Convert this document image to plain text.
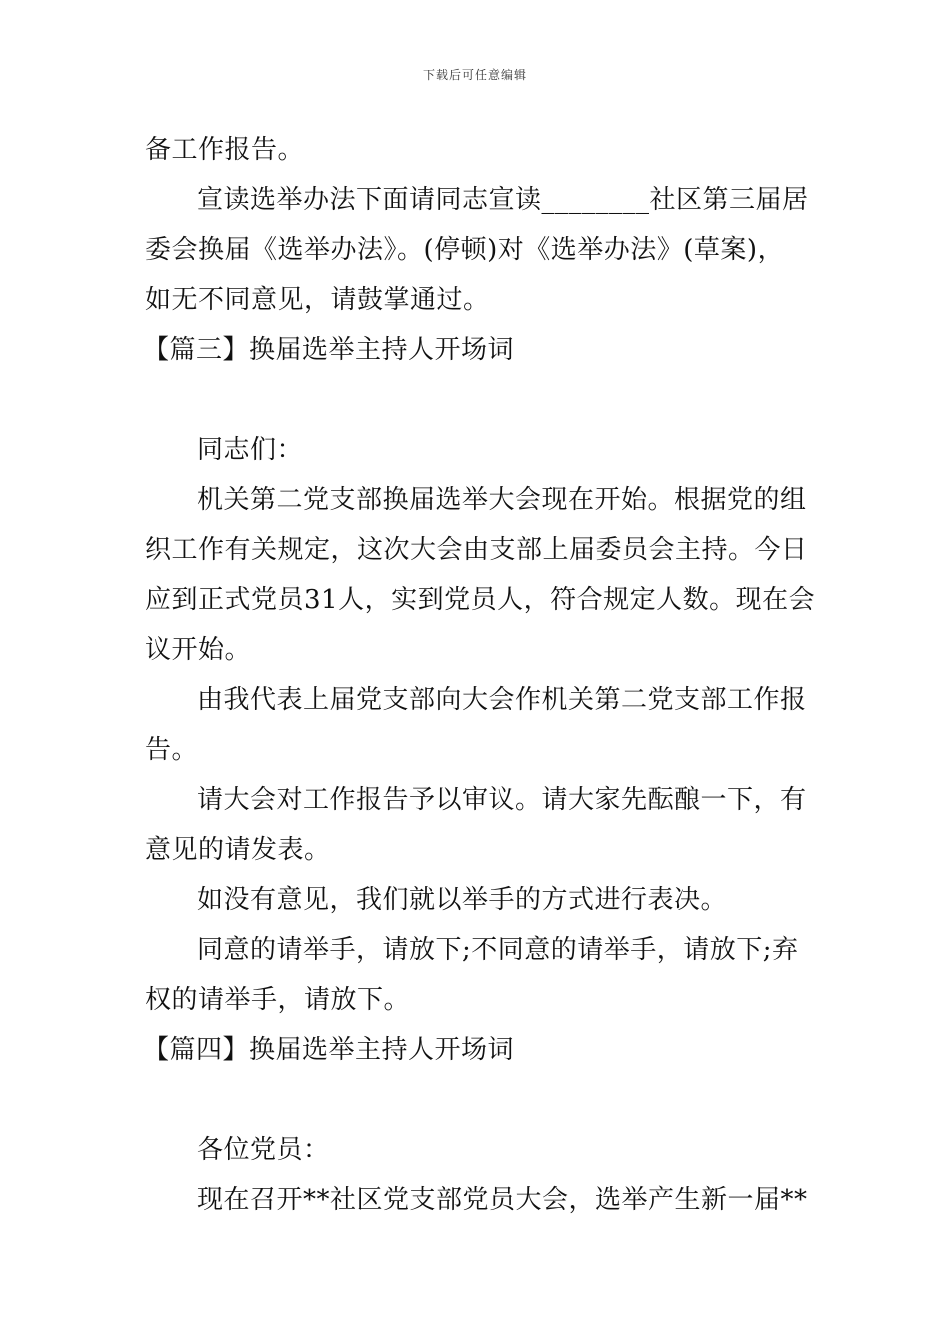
下载后可任意编辑
备工作报告。
宣读选举办法下面请同志宣读________社区第三届居
委会换届《选举办法》。(停顿)对《选举办法》(草案)，
如无不同意见，请鼓掌通过。
【篇三】换届选举主持人开场词
同志们：
机关第二党支部换届选举大会现在开始。根据党的组
织工作有关规定，这次大会由支部上届委员会主持。今日
应到正式党员31人，实到党员人，符合规定人数。现在会
议开始。
由我代表上届党支部向大会作机关第二党支部工作报
告。
请大会对工作报告予以审议。请大家先酝酿一下，有
意见的请发表。
如没有意见，我们就以举手的方式进行表决。
同意的请举手，请放下;不同意的请举手，请放下;弃
权的请举手，请放下。
【篇四】换届选举主持人开场词
各位党员：
现在召开**社区党支部党员大会，选举产生新一届**
